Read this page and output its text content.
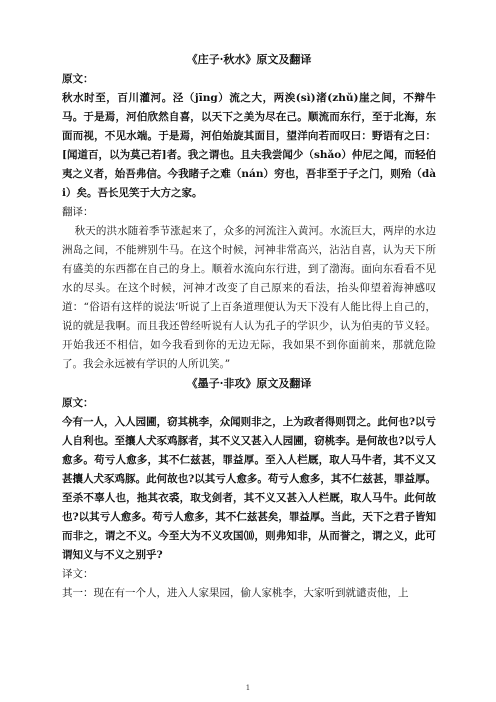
《庄子·秋水》原文及翻译
原文：

秋水时至，百川灌河。泾（jīng）流之大，两涘(sì)渚(zhǔ)崖之间，不辩牛马。于是焉，河伯欣然自喜，以天下之美为尽在己。顺流而东行，至于北海，东面而视，不见水端。于是焉，河伯始旋其面目，望洋向若而叹曰：野语有之曰：[闻道百，以为莫己若]者。我之谓也。且夫我尝闻少（shǎo）仲尼之闻，而轻伯夷之义者，始吾弗信。今我睹子之难（nán）穷也，吾非至于子之门，则殆（dài）矣。吾长见笑于大方之家。

翻译：

秋天的洪水随着季节涨起来了，众多的河流注入黄河。水流巨大，两岸的水边洲岛之间，不能辨别牛马。在这个时候，河神非常高兴，沾沾自喜，认为天下所有盛美的东西都在自己的身上。顺着水流向东行进，到了渤海。面向东看看不见水的尽头。在这个时候，河神才改变了自己原来的看法，抬头仰望着海神感叹道：“俗语有这样的说法‘听说了上百条道理便认为天下没有人能比得上自己的，说的就是我啊。而且我还曾经听说有人认为孔子的学识少，认为伯夷的节义轻。开始我还不相信，如今我看到你的无边无际，我如果不到你面前来，那就危险了。我会永远被有学识的人所讥笑。”

《墨子·非攻》原文及翻译
原文：

今有一人，入人园圃，窃其桃李，众闻则非之，上为政者得则罚之。此何也?以亏人自利也。至攘人犬豕鸡豚者，其不义又甚入人园圃，窃桃李。是何故也?以亏人愈多。苟亏人愈多，其不仁兹甚，罪益厚。至入人栏厩，取人马牛者，其不义又甚攘人犬豕鸡豚。此何故也?以其亏人愈多。苟亏人愈多，其不仁兹甚，罪益厚。至杀不辜人也，扡其衣裘，取戈剑者，其不义又甚入人栏厩，取人马牛。此何故也?以其亏人愈多。苟亏人愈多，其不仁兹甚矣，罪益厚。当此，天下之君子皆知而非之，谓之不义。今至大为不义攻国⑽，则弗知非，从而誉之，谓之义，此可谓知义与不义之别乎?

译文：

其一：现在有一个人，进入人家果园，偷人家桃李，大家听到就谴责他，上

1
